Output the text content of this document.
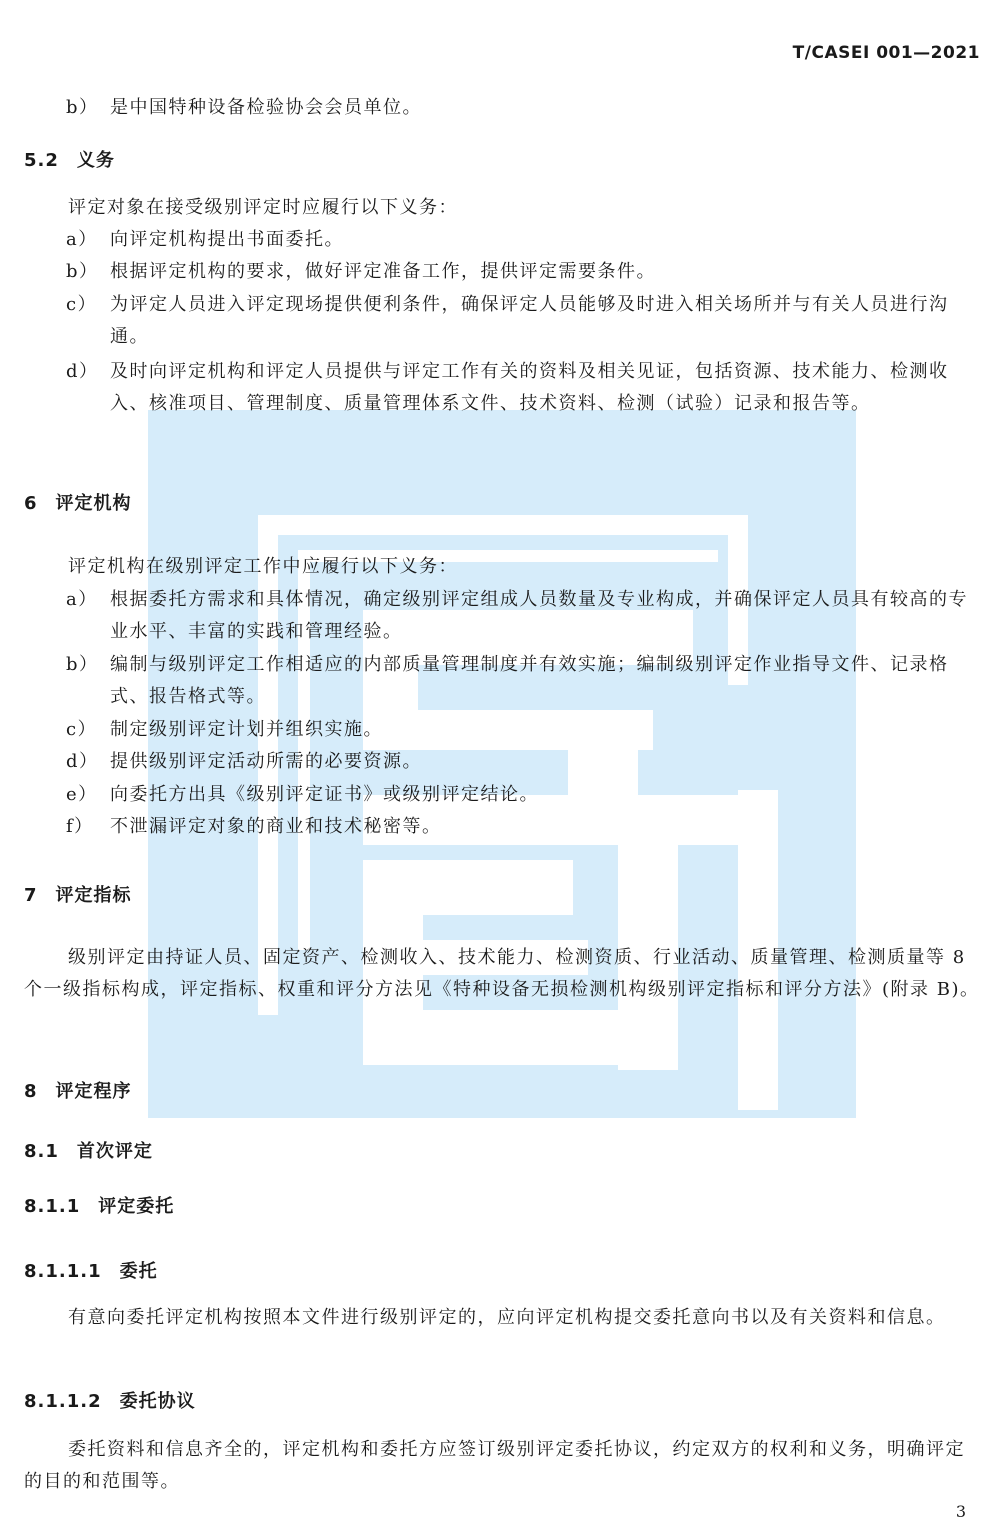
T/CASEI 001—2021
b） 是中国特种设备检验协会会员单位。
5.2 义务
评定对象在接受级别评定时应履行以下义务：
a） 向评定机构提出书面委托。
b） 根据评定机构的要求，做好评定准备工作，提供评定需要条件。
c） 为评定人员进入评定现场提供便利条件，确保评定人员能够及时进入相关场所并与有关人员进行沟通。
d） 及时向评定机构和评定人员提供与评定工作有关的资料及相关见证，包括资源、技术能力、检测收入、核准项目、管理制度、质量管理体系文件、技术资料、检测（试验）记录和报告等。
6 评定机构
评定机构在级别评定工作中应履行以下义务：
a） 根据委托方需求和具体情况，确定级别评定组成人员数量及专业构成，并确保评定人员具有较高的专业水平、丰富的实践和管理经验。
b） 编制与级别评定工作相适应的内部质量管理制度并有效实施；编制级别评定作业指导文件、记录格式、报告格式等。
c） 制定级别评定计划并组织实施。
d） 提供级别评定活动所需的必要资源。
e） 向委托方出具《级别评定证书》或级别评定结论。
f） 不泄漏评定对象的商业和技术秘密等。
7 评定指标
级别评定由持证人员、固定资产、检测收入、技术能力、检测资质、行业活动、质量管理、检测质量等 8 个一级指标构成，评定指标、权重和评分方法见《特种设备无损检测机构级别评定指标和评分方法》(附录 B)。
8 评定程序
8.1 首次评定
8.1.1 评定委托
8.1.1.1 委托
有意向委托评定机构按照本文件进行级别评定的，应向评定机构提交委托意向书以及有关资料和信息。
8.1.1.2 委托协议
委托资料和信息齐全的，评定机构和委托方应签订级别评定委托协议，约定双方的权利和义务，明确评定的目的和范围等。
3
